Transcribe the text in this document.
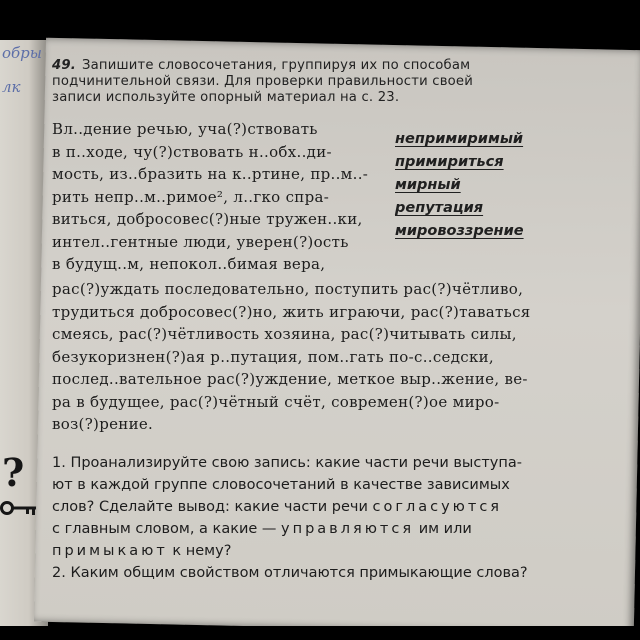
обры
лк
49. Запишите словосочетания, группируя их по способам
подчинительной связи. Для проверки правильности своей
записи используйте опорный материал на с. 23.
Вл..дение речью, уча(?)ствовать
в п..ходе, чу(?)ствовать н..обх..ди-
мость, из..бразить на к..ртине, пр..м..-
рить непр..м..римое², л..гко спра-
виться, добросовес(?)ные тружен..ки,
интел..гентные люди, уверен(?)ость
в будущ..м, непокол..бимая вера,
непримиримый
примириться
мирный
репутация
мировоззрение
рас(?)уждать последовательно, поступить рас(?)чётливо,
трудиться добросовес(?)но, жить играючи, рас(?)таваться
смеясь, рас(?)чётливость хозяина, рас(?)читывать силы,
безукоризнен(?)ая р..путация, пом..гать по-с..седски,
послед..вательное рас(?)уждение, меткое выр..жение, ве-
ра в будущее, рас(?)чётный счёт, современ(?)ое миро-
воз(?)рение.
? 1. Проанализируйте свою запись: какие части речи выступа-
ют в каждой группе словосочетаний в качестве зависимых
слов? Сделайте вывод: какие части речи согласуются
с главным словом, а какие — управляются им или
примыкают к нему?
2. Каким общим свойством отличаются примыкающие слова?
